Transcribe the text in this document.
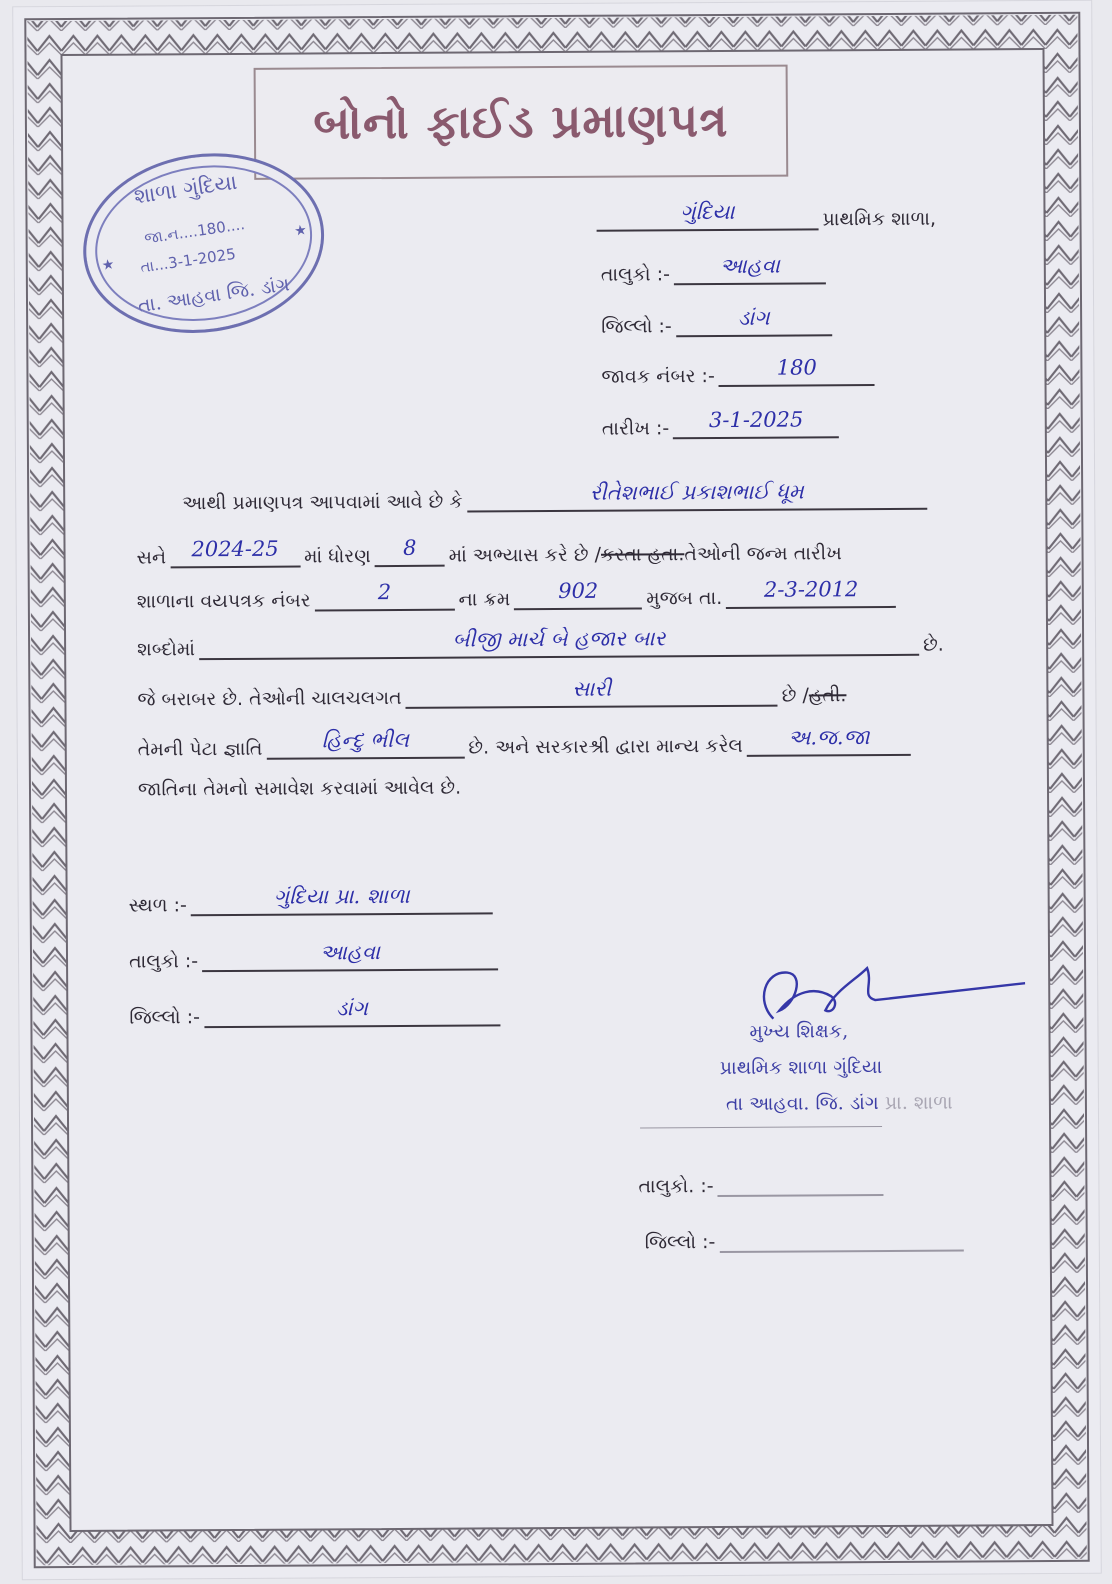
બોનો ફાઈડ પ્રમાણપત્ર
શાળા ગુંદિયા
જા.ન....180....
તા...3-1-2025
તા. આહવા જિ. ડાંગ
★
★
ગુંદિયા	પ્રાથમિક શાળા,
તાલુકો :-	આહવા
જિલ્લો :-	ડાંગ
જાવક નંબર :-	180
તારીખ :-	3-1-2025
આથી પ્રમાણપત્ર આપવામાં આવે છે કે	રીતેશભાઈ પ્રકાશભાઈ ધૂમ
સને	2024-25	માં ધોરણ	8	માં અભ્યાસ કરે છે / કરતા હતા. તેઓની જન્મ તારીખ
શાળાના વયપત્રક નંબર	2	ના ક્રમ	902	મુજબ તા.	2-3-2012
શબ્દોમાં	બીજી માર્ચ બે હજાર બાર	છે.
જે બરાબર છે. તેઓની ચાલચલગત	સારી	છે / હતી.
તેમની પેટા જ્ઞાતિ	હિન્દુ ભીલ	છે. અને સરકારશ્રી દ્વારા માન્ય કરેલ	અ.જ.જા
જાતિના તેમનો સમાવેશ કરવામાં આવેલ છે.
સ્થળ :-	ગુંદિયા પ્રા. શાળા
તાલુકો :-	આહવા
જિલ્લો :-	ડાંગ
મુખ્ય શિક્ષક,
પ્રાથમિક શાળા ગુંદિયા
તા આહવા. જિ. ડાંગ પ્રા. શાળા
તાલુકો. :-
જિલ્લો :-
